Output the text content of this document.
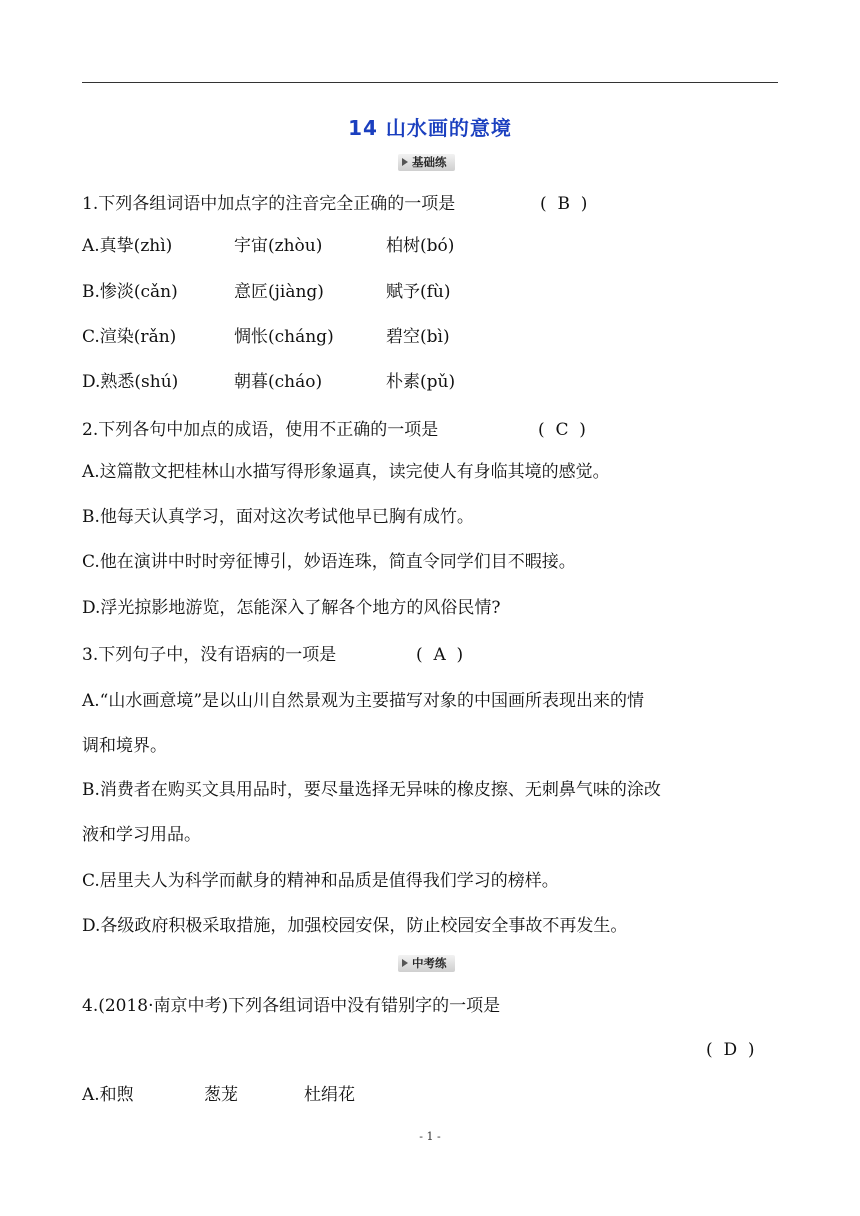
14 山水画的意境
基础练
1.下列各组词语中加点字的注音完全正确的一项是	(  B  )
A.真挚(zhì)	宇宙(zhòu)	柏树(bó)
B.惨淡(cǎn)	意匠(jiàng)	赋予(fù)
C.渲染(rǎn)	惆怅(cháng)	碧空(bì)
D.熟悉(shú)	朝暮(cháo)	朴素(pǔ)
2.下列各句中加点的成语，使用不正确的一项是	(  C  )
A.这篇散文把桂林山水描写得形象逼真，读完使人有身临其境的感觉。
B.他每天认真学习，面对这次考试他早已胸有成竹。
C.他在演讲中时时旁征博引，妙语连珠，简直令同学们目不暇接。
D.浮光掠影地游览，怎能深入了解各个地方的风俗民情?
3.下列句子中，没有语病的一项是	(  A  )
A.“山水画意境”是以山川自然景观为主要描写对象的中国画所表现出来的情
调和境界。
B.消费者在购买文具用品时，要尽量选择无异味的橡皮擦、无刺鼻气味的涂改
液和学习用品。
C.居里夫人为科学而献身的精神和品质是值得我们学习的榜样。
D.各级政府积极采取措施，加强校园安保，防止校园安全事故不再发生。
中考练
4.(2018·南京中考)下列各组词语中没有错别字的一项是
(  D  )
A.和煦	葱茏	杜绢花
- 1 -
